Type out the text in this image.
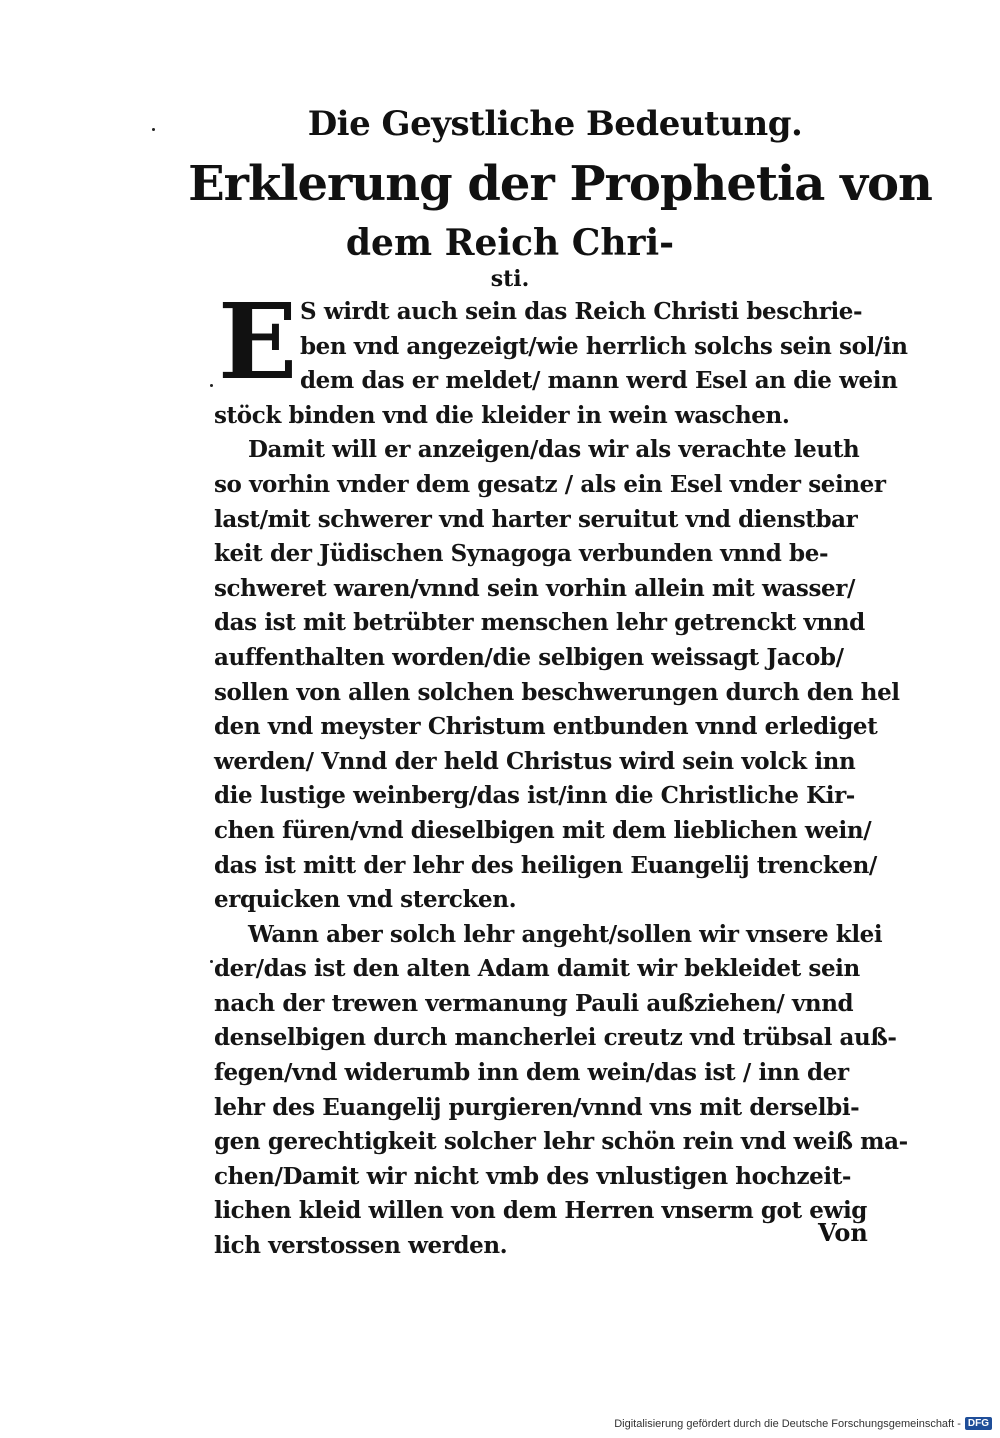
Die Geystliche Bedeutung.
Erklerung der Prophetia von
dem Reich Chri-
sti.
E S wirdt auch sein das Reich Christi beschrie-
ben vnd angezeigt/wie herrlich solchs sein sol/in
dem das er meldet/ mann werd Esel an die wein
stöck binden vnd die kleider in wein waschen.
Damit will er anzeigen/das wir als verachte leuth
so vorhin vnder dem gesatz / als ein Esel vnder seiner
last/mit schwerer vnd harter seruitut vnd dienstbar
keit der Jüdischen Synagoga verbunden vnnd be-
schweret waren/vnnd sein vorhin allein mit wasser/
das ist mit betrübter menschen lehr getrenckt vnnd
auffenthalten worden/die selbigen weissagt Jacob/
sollen von allen solchen beschwerungen durch den hel
den vnd meyster Christum entbunden vnnd erlediget
werden/ Vnnd der held Christus wird sein volck inn
die lustige weinberg/das ist/inn die Christliche Kir-
chen füren/vnd dieselbigen mit dem lieblichen wein/
das ist mitt der lehr des heiligen Euangelij trencken/
erquicken vnd stercken.
Wann aber solch lehr angeht/sollen wir vnsere klei
der/das ist den alten Adam damit wir bekleidet sein
nach der trewen vermanung Pauli außziehen/ vnnd
denselbigen durch mancherlei creutz vnd trübsal auß-
fegen/vnd widerumb inn dem wein/das ist / inn der
lehr des Euangelij purgieren/vnnd vns mit derselbi-
gen gerechtigkeit solcher lehr schön rein vnd weiß ma-
chen/Damit wir nicht vmb des vnlustigen hochzeit-
lichen kleid willen von dem Herren vnserm got ewig
lich verstossen werden.	Von
Digitalisierung gefördert durch die Deutsche Forschungsgemeinschaft - DFG
